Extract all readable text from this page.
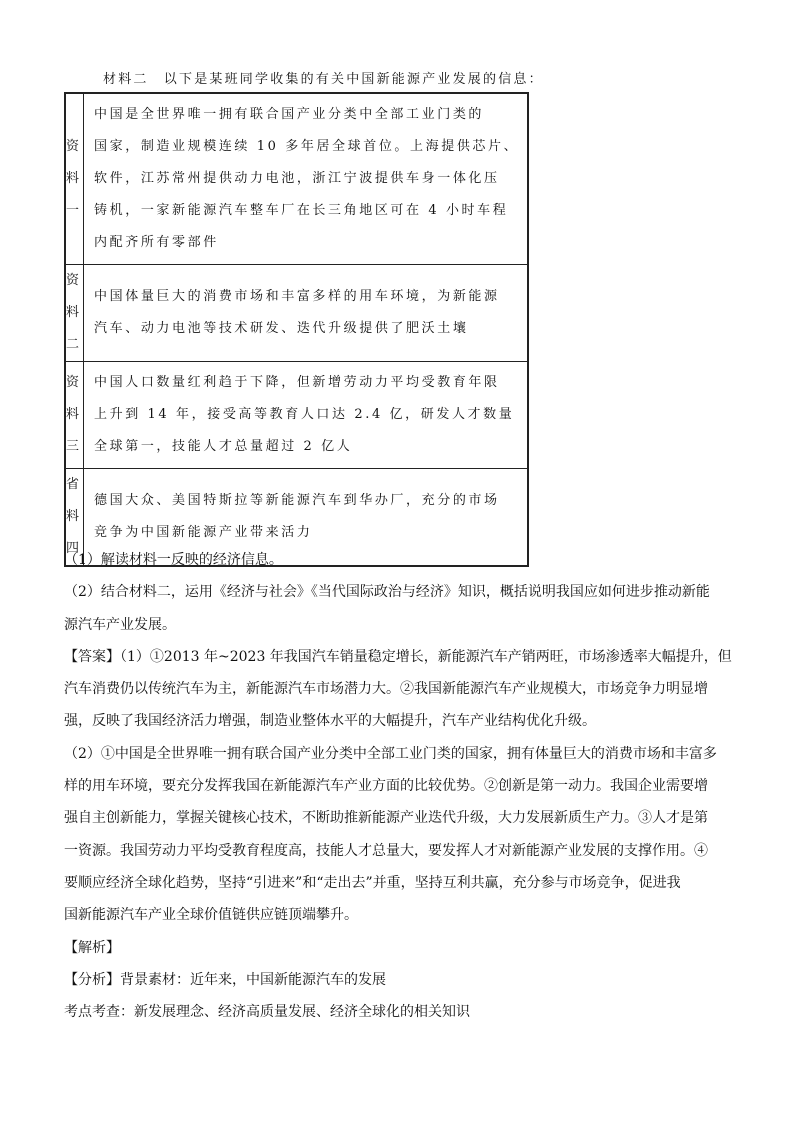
材料二　以下是某班同学收集的有关中国新能源产业发展的信息：
资 料
一	中国是全世界唯一拥有联合国产业分类中全部工业门类的
国家，制造业规模连续 10 多年居全球首位。上海提供芯片、
软件，江苏常州提供动力电池，浙江宁波提供车身一体化压
铸机，一家新能源汽车整车厂在长三角地区可在 4 小时车程
内配齐所有零部件

资 料
二	中国体量巨大的消费市场和丰富多样的用车环境，为新能源
汽车、动力电池等技术研发、迭代升级提供了肥沃土壤

资 料
三	中国人口数量红利趋于下降，但新增劳动力平均受教育年限
上升到 14 年，接受高等教育人口达 2.4 亿，研发人才数量
全球第一，技能人才总量超过 2 亿人

省 料
四	德国大众、美国特斯拉等新能源汽车到华办厂，充分的市场
竞争为中国新能源产业带来活力
（1）解读材料一反映的经济信息。
（2）结合材料二，运用《经济与社会》《当代国际政治与经济》知识，概括说明我国应如何进步推动新能
源汽车产业发展。
【答案】（1）①2013 年~2023 年我国汽车销量稳定增长，新能源汽车产销两旺，市场渗透率大幅提升，但
汽车消费仍以传统汽车为主，新能源汽车市场潜力大。②我国新能源汽车产业规模大，市场竞争力明显增
强，反映了我国经济活力增强，制造业整体水平的大幅提升，汽车产业结构优化升级。
（2）①中国是全世界唯一拥有联合国产业分类中全部工业门类的国家，拥有体量巨大的消费市场和丰富多
样的用车环境，要充分发挥我国在新能源汽车产业方面的比较优势。②创新是第一动力。我国企业需要增
强自主创新能力，掌握关键核心技术，不断助推新能源产业迭代升级，大力发展新质生产力。③人才是第
一资源。我国劳动力平均受教育程度高，技能人才总量大，要发挥人才对新能源产业发展的支撑作用。④
要顺应经济全球化趋势，坚持“引进来”和“走出去”并重，坚持互利共赢，充分参与市场竞争，促进我
国新能源汽车产业全球价值链供应链顶端攀升。
【解析】
【分析】背景素材：近年来，中国新能源汽车的发展
考点考查：新发展理念、经济高质量发展、经济全球化的相关知识
